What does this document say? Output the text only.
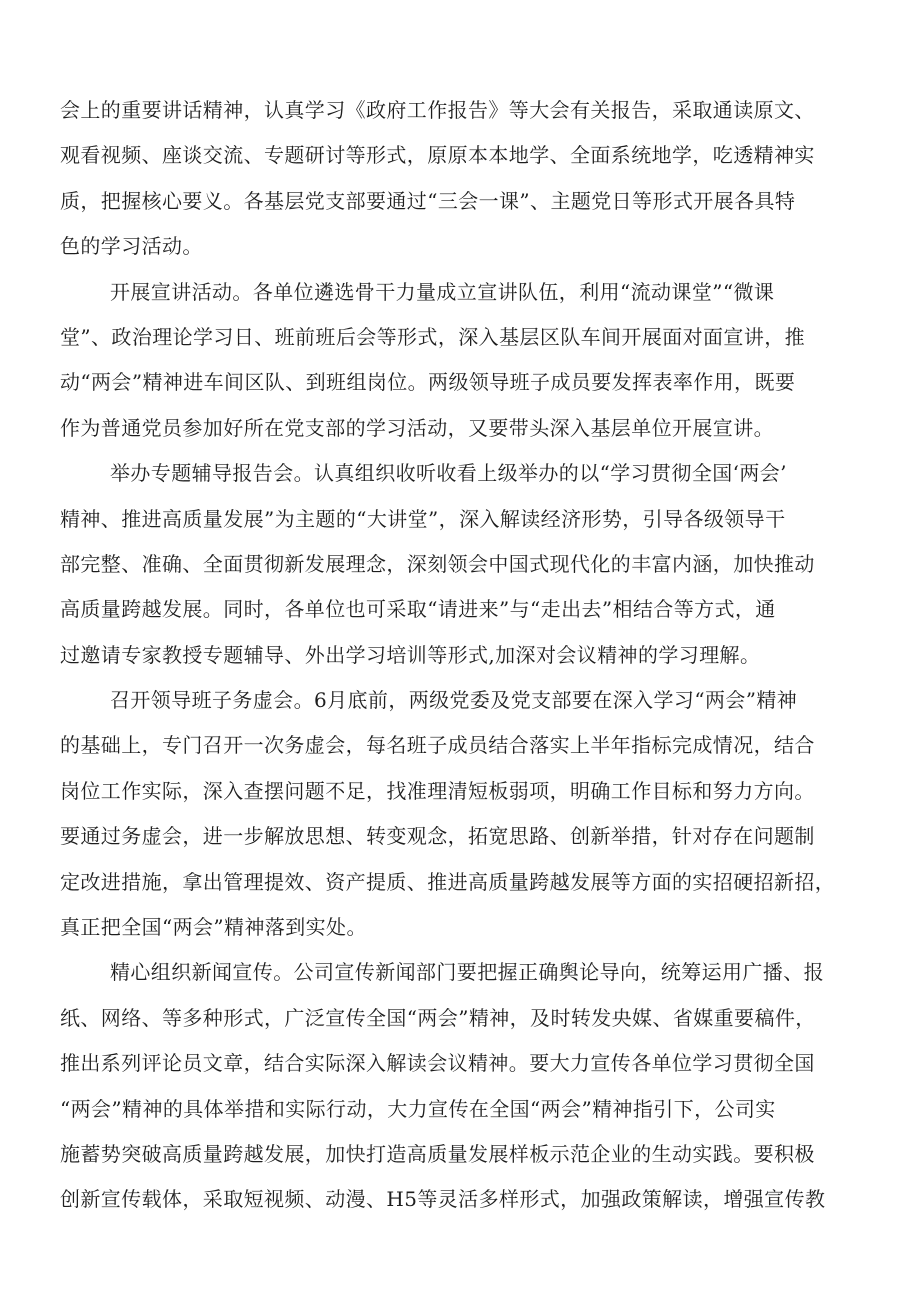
会上的重要讲话精神，认真学习《政府工作报告》等大会有关报告，采取通读原文、
观看视频、座谈交流、专题研讨等形式，原原本本地学、全面系统地学，吃透精神实
质，把握核心要义。各基层党支部要通过“三会一课”、主题党日等形式开展各具特
色的学习活动。
开展宣讲活动。各单位遴选骨干力量成立宣讲队伍，利用“流动课堂”“微课
堂”、政治理论学习日、班前班后会等形式，深入基层区队车间开展面对面宣讲，推
动“两会”精神进车间区队、到班组岗位。两级领导班子成员要发挥表率作用，既要
作为普通党员参加好所在党支部的学习活动，又要带头深入基层单位开展宣讲。
举办专题辅导报告会。认真组织收听收看上级举办的以“学习贯彻全国‘两会’
精神、推进高质量发展”为主题的“大讲堂”，深入解读经济形势，引导各级领导干
部完整、准确、全面贯彻新发展理念，深刻领会中国式现代化的丰富内涵，加快推动
高质量跨越发展。同时，各单位也可采取“请进来”与“走出去”相结合等方式，通
过邀请专家教授专题辅导、外出学习培训等形式,加深对会议精神的学习理解。
召开领导班子务虚会。6月底前，两级党委及党支部要在深入学习“两会”精神
的基础上，专门召开一次务虚会，每名班子成员结合落实上半年指标完成情况，结合
岗位工作实际，深入查摆问题不足，找准理清短板弱项，明确工作目标和努力方向。
要通过务虚会，进一步解放思想、转变观念，拓宽思路、创新举措，针对存在问题制
定改进措施，拿出管理提效、资产提质、推进高质量跨越发展等方面的实招硬招新招，
真正把全国“两会”精神落到实处。
精心组织新闻宣传。公司宣传新闻部门要把握正确舆论导向，统筹运用广播、报
纸、网络、等多种形式，广泛宣传全国“两会”精神，及时转发央媒、省媒重要稿件，
推出系列评论员文章，结合实际深入解读会议精神。要大力宣传各单位学习贯彻全国
“两会”精神的具体举措和实际行动，大力宣传在全国“两会”精神指引下，公司实
施蓄势突破高质量跨越发展，加快打造高质量发展样板示范企业的生动实践。要积极
创新宣传载体，采取短视频、动漫、H5等灵活多样形式，加强政策解读，增强宣传教
